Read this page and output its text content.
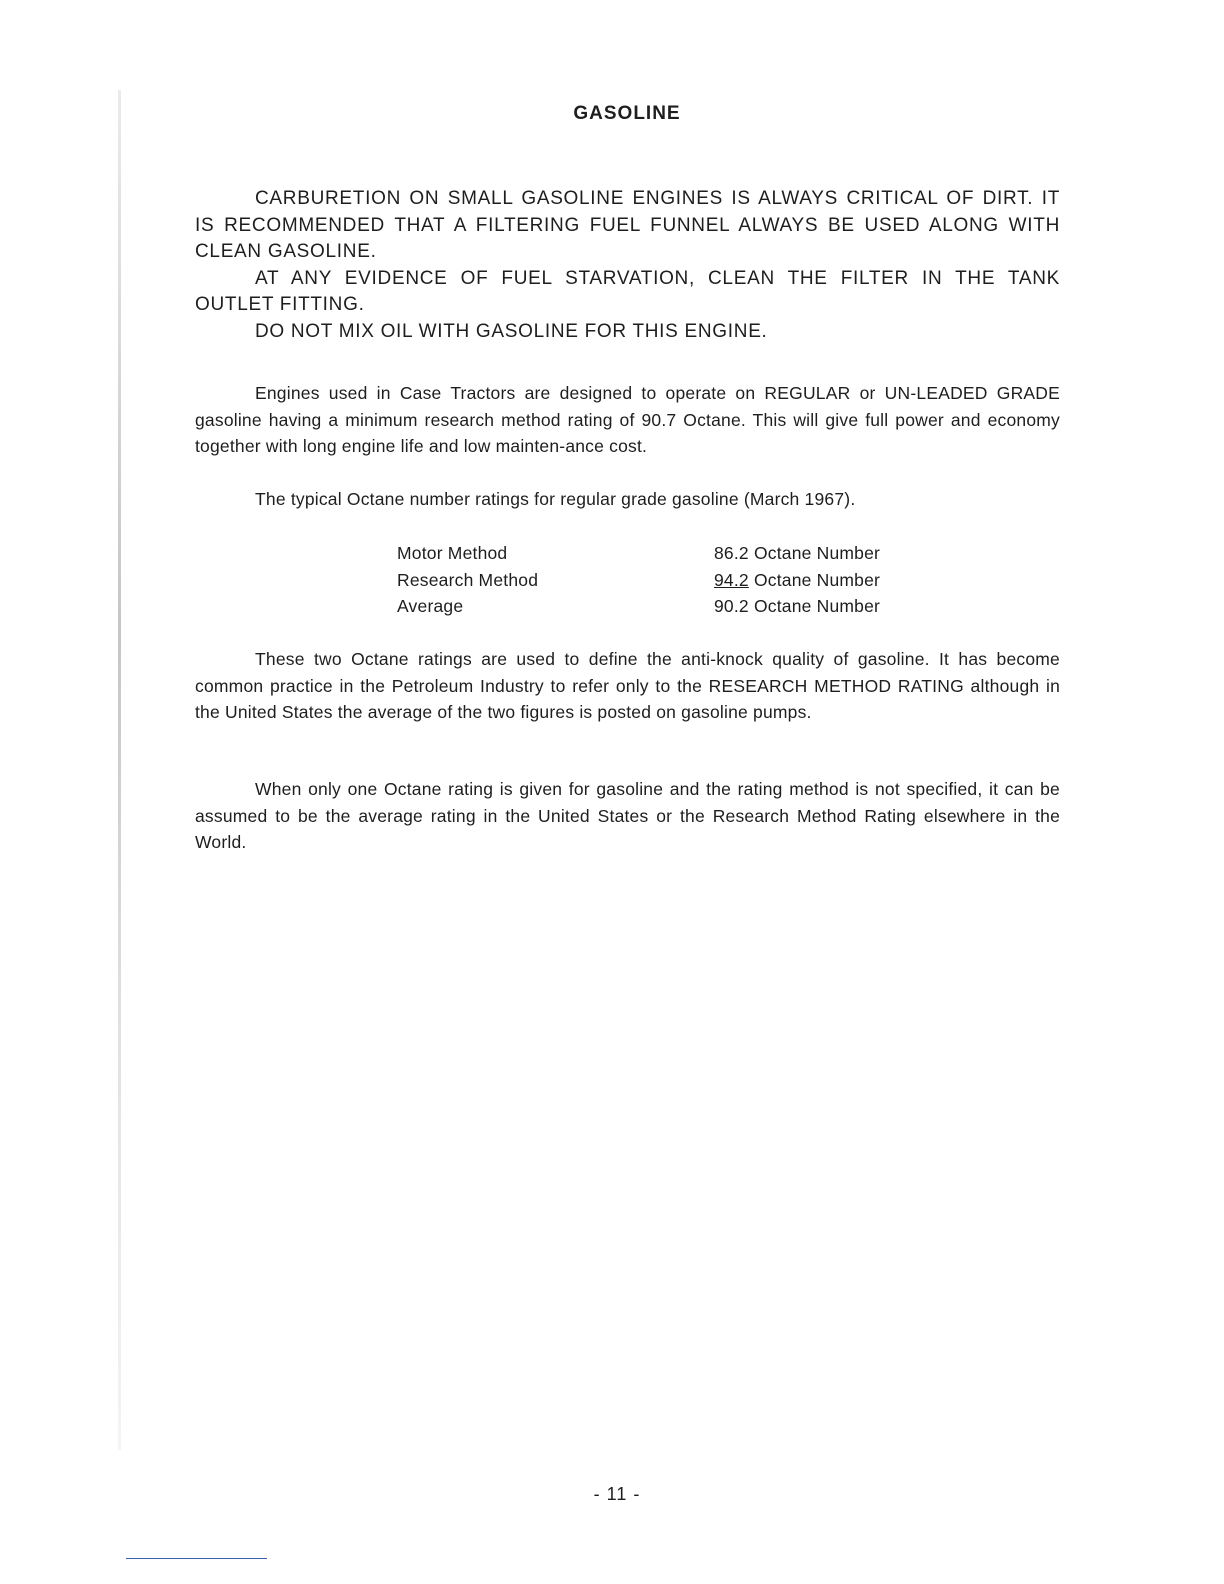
GASOLINE

CARBURETION ON SMALL GASOLINE ENGINES IS ALWAYS CRITICAL OF DIRT. IT IS RECOMMENDED THAT A FILTERING FUEL FUNNEL ALWAYS BE USED ALONG WITH CLEAN GASOLINE.

AT ANY EVIDENCE OF FUEL STARVATION, CLEAN THE FILTER IN THE TANK OUTLET FITTING.

DO NOT MIX OIL WITH GASOLINE FOR THIS ENGINE.

Engines used in Case Tractors are designed to operate on REGULAR or UN-LEADED GRADE gasoline having a minimum research method rating of 90.7 Octane. This will give full power and economy together with long engine life and low mainten-ance cost.

The typical Octane number ratings for regular grade gasoline (March 1967).

Motor Method	86.2 Octane Number
Research Method	94.2 Octane Number
Average	90.2 Octane Number

These two Octane ratings are used to define the anti-knock quality of gasoline. It has become common practice in the Petroleum Industry to refer only to the RESEARCH METHOD RATING although in the United States the average of the two figures is posted on gasoline pumps.

When only one Octane rating is given for gasoline and the rating method is not specified, it can be assumed to be the average rating in the United States or the Research Method Rating elsewhere in the World.

- 11 -
